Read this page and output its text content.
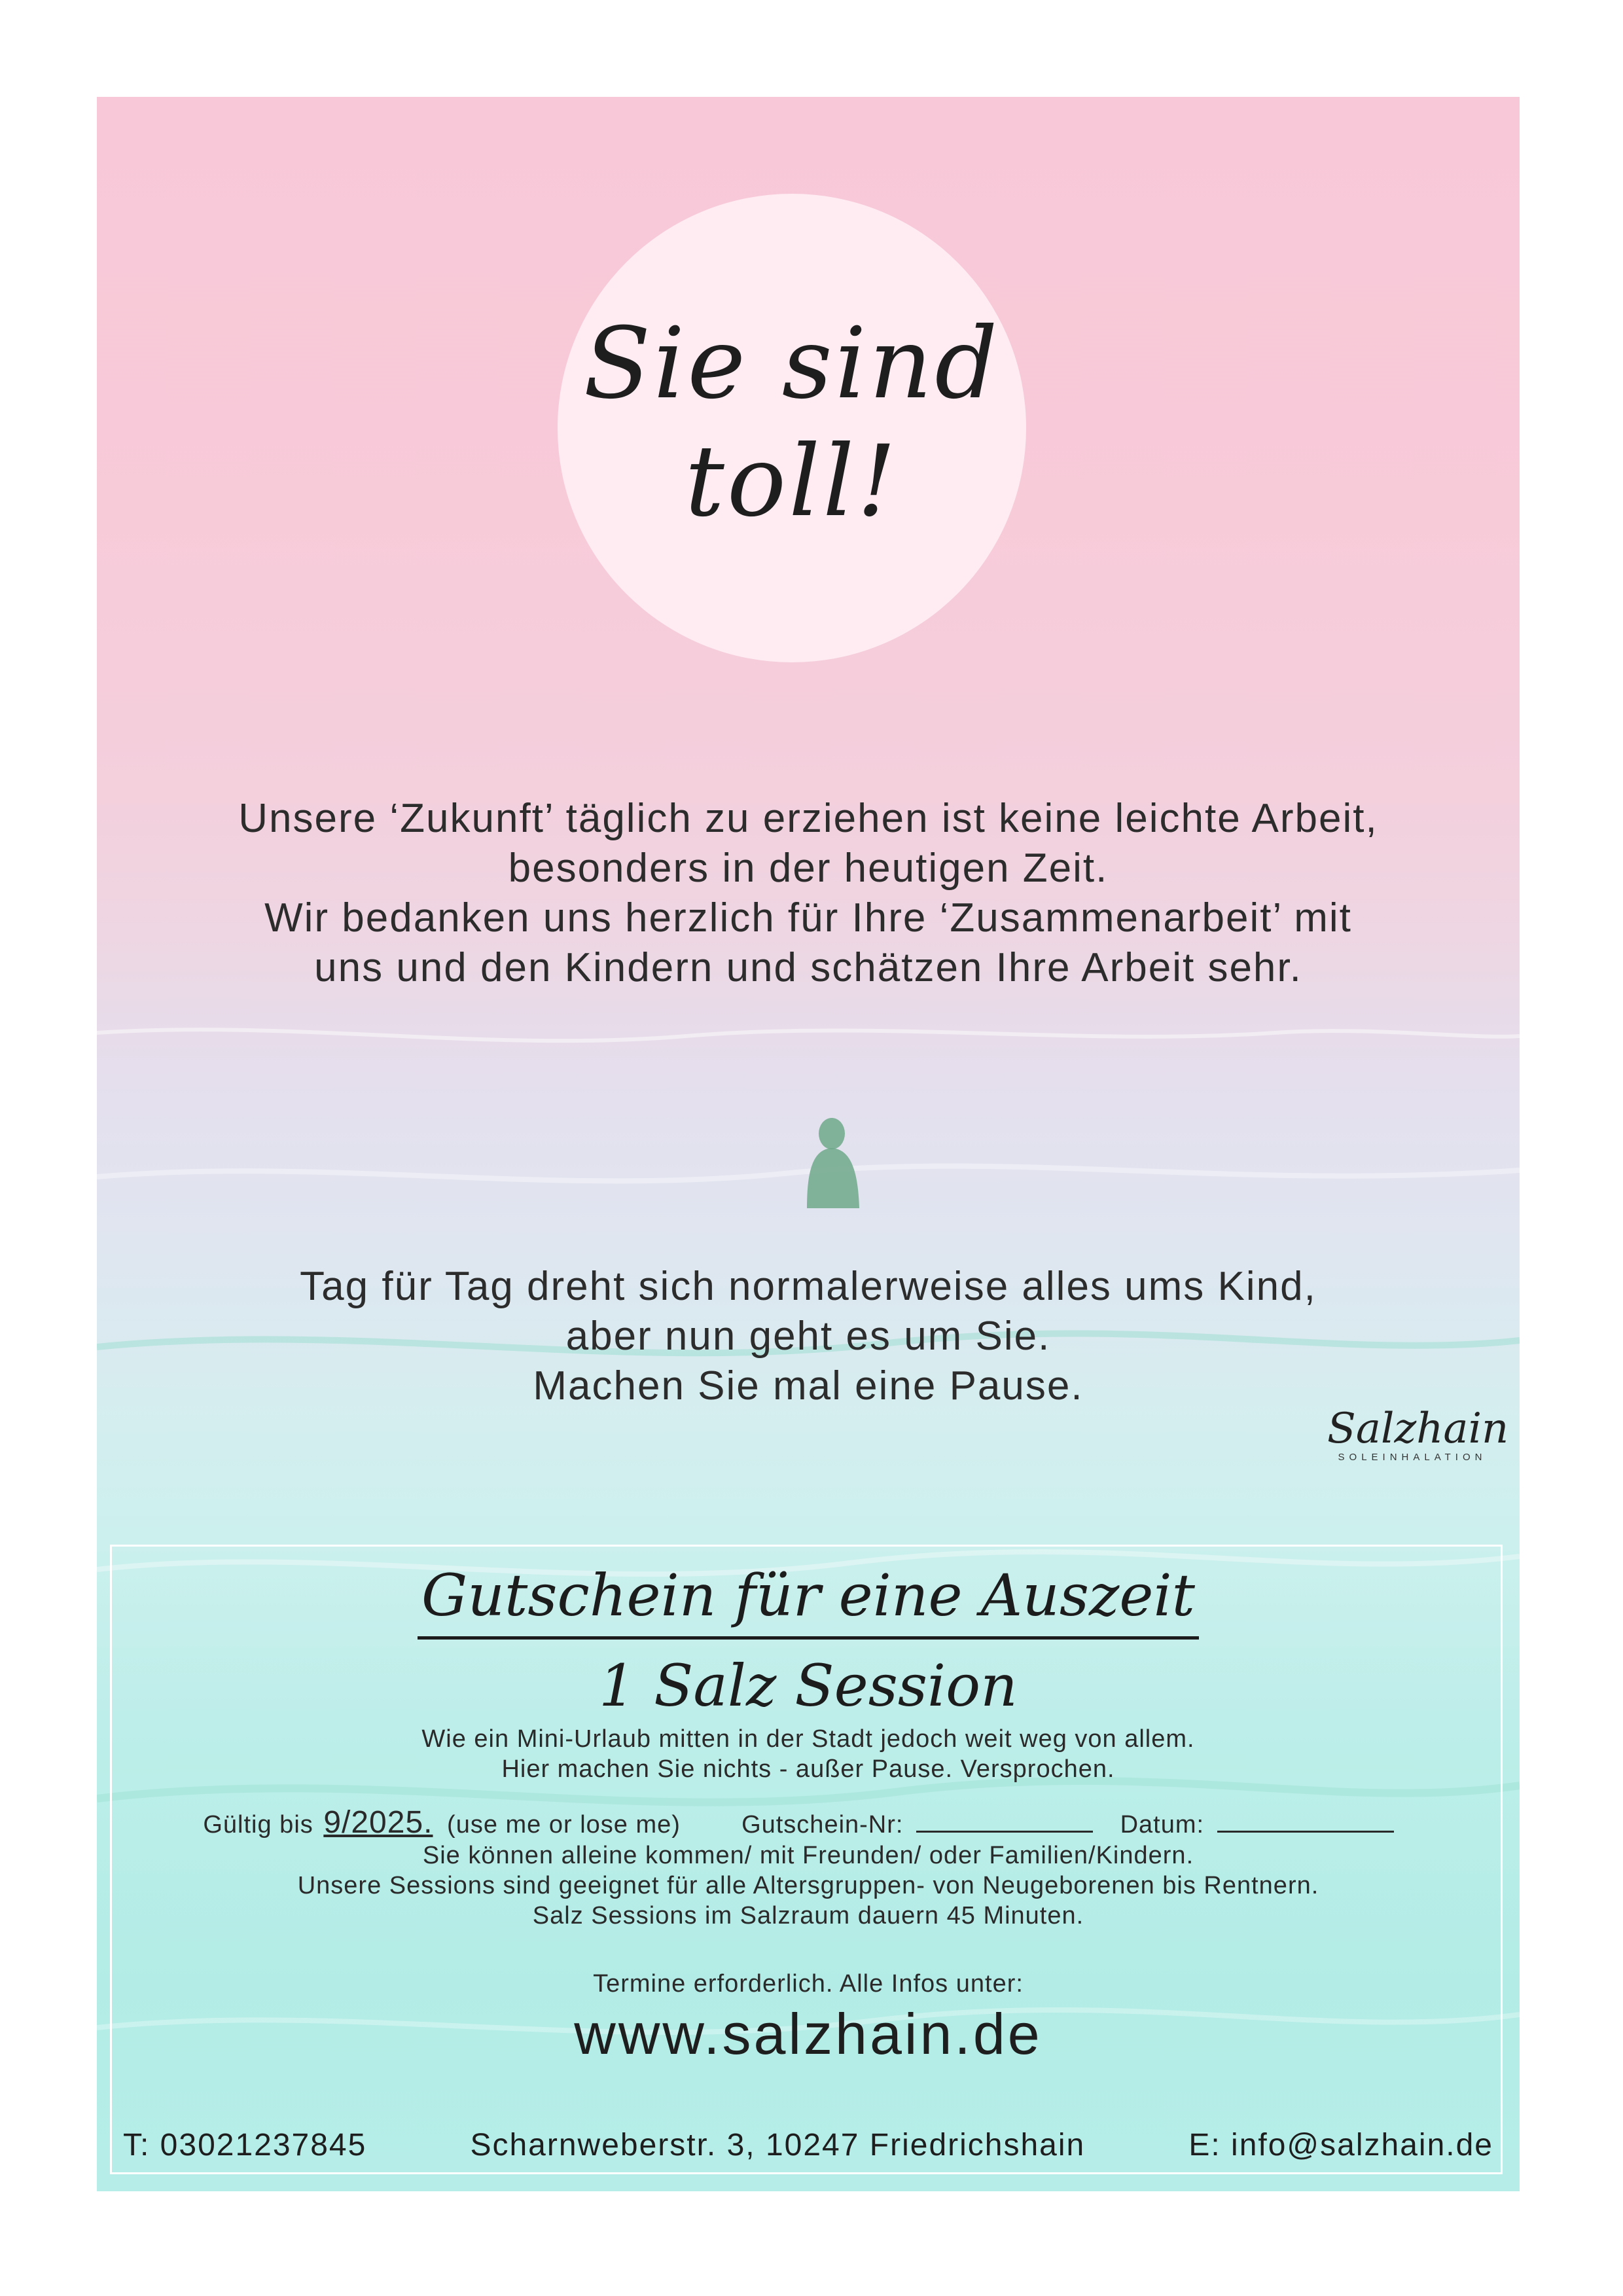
Sie sind
toll!
Unsere ‘Zukunft’ täglich zu erziehen ist keine leichte Arbeit,
besonders in der heutigen Zeit.
Wir bedanken uns herzlich für Ihre ‘Zusammenarbeit’ mit
uns und den Kindern und schätzen Ihre Arbeit sehr.
Tag für Tag dreht sich normalerweise alles ums Kind,
aber nun geht es um Sie.
Machen Sie mal eine Pause.
Salzhain
SOLEINHALATION
Gutschein für eine Auszeit
1 Salz Session
Wie ein Mini-Urlaub mitten in der Stadt jedoch weit weg von allem.
Hier machen Sie nichts - außer Pause. Versprochen.
Gültig bis 9/2025. (use me or lose me) Gutschein-Nr:	Datum:
Sie können alleine kommen/ mit Freunden/ oder Familien/Kindern.
Unsere Sessions sind geeignet für alle Altersgruppen- von Neugeborenen bis Rentnern.
Salz Sessions im Salzraum dauern 45 Minuten.
Termine erforderlich. Alle Infos unter:
www.salzhain.de
T: 03021237845	Scharnweberstr. 3, 10247 Friedrichshain	E: info@salzhain.de
